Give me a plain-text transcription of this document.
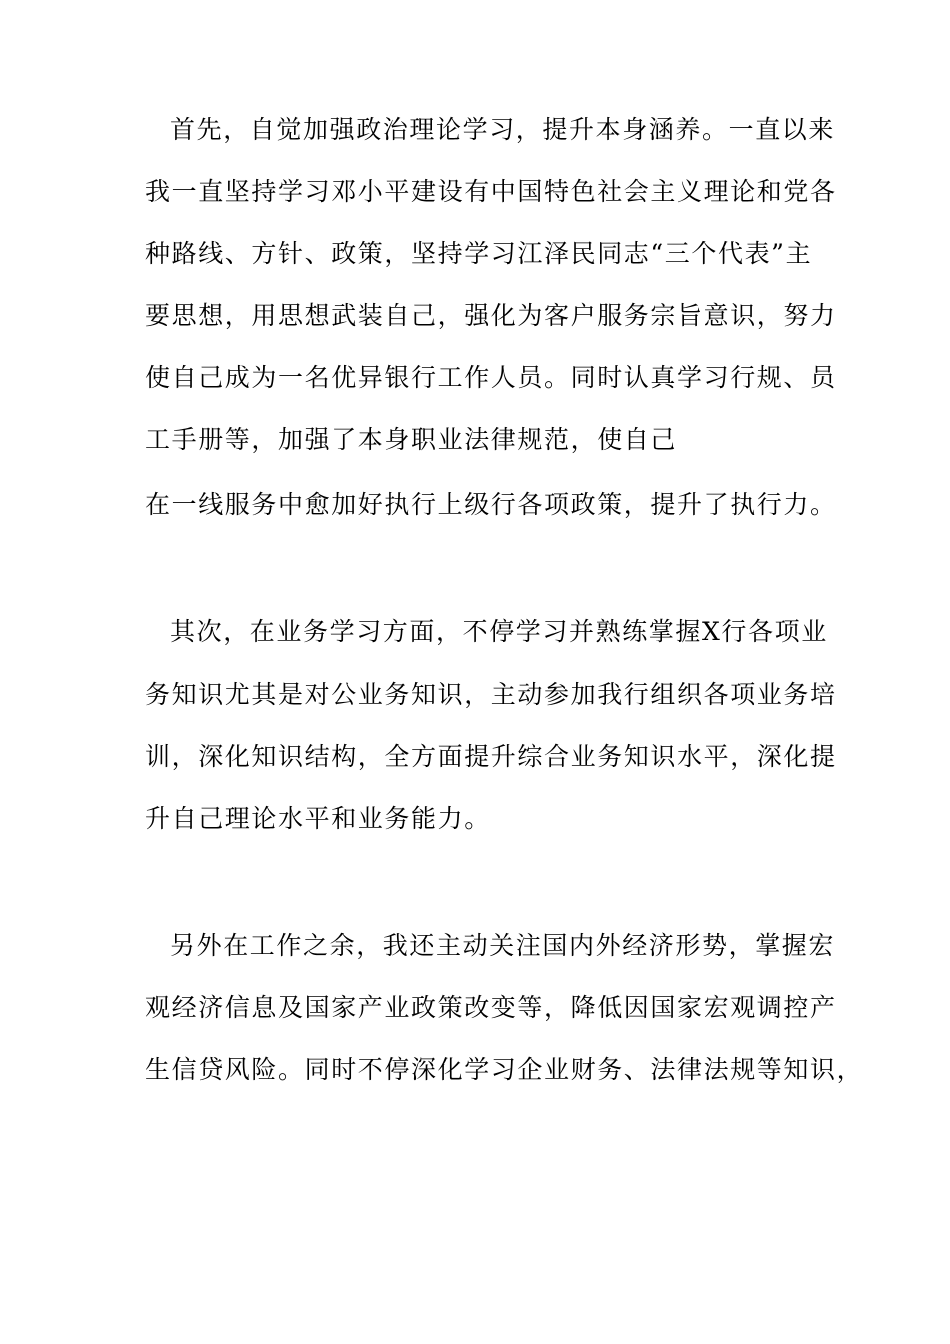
首先，自觉加强政治理论学习，提升本身涵养。一直以来
我一直坚持学习邓小平建设有中国特色社会主义理论和党各
种路线、方针、政策，坚持学习江泽民同志“三个代表”主
要思想，用思想武装自己，强化为客户服务宗旨意识，努力
使自己成为一名优异银行工作人员。同时认真学习行规、员
工手册等，加强了本身职业法律规范，使自己
在一线服务中愈加好执行上级行各项政策，提升了执行力。
其次，在业务学习方面，不停学习并熟练掌握X行各项业
务知识尤其是对公业务知识，主动参加我行组织各项业务培
训，深化知识结构，全方面提升综合业务知识水平，深化提
升自己理论水平和业务能力。
另外在工作之余，我还主动关注国内外经济形势，掌握宏
观经济信息及国家产业政策改变等，降低因国家宏观调控产
生信贷风险。同时不停深化学习企业财务、法律法规等知识，
